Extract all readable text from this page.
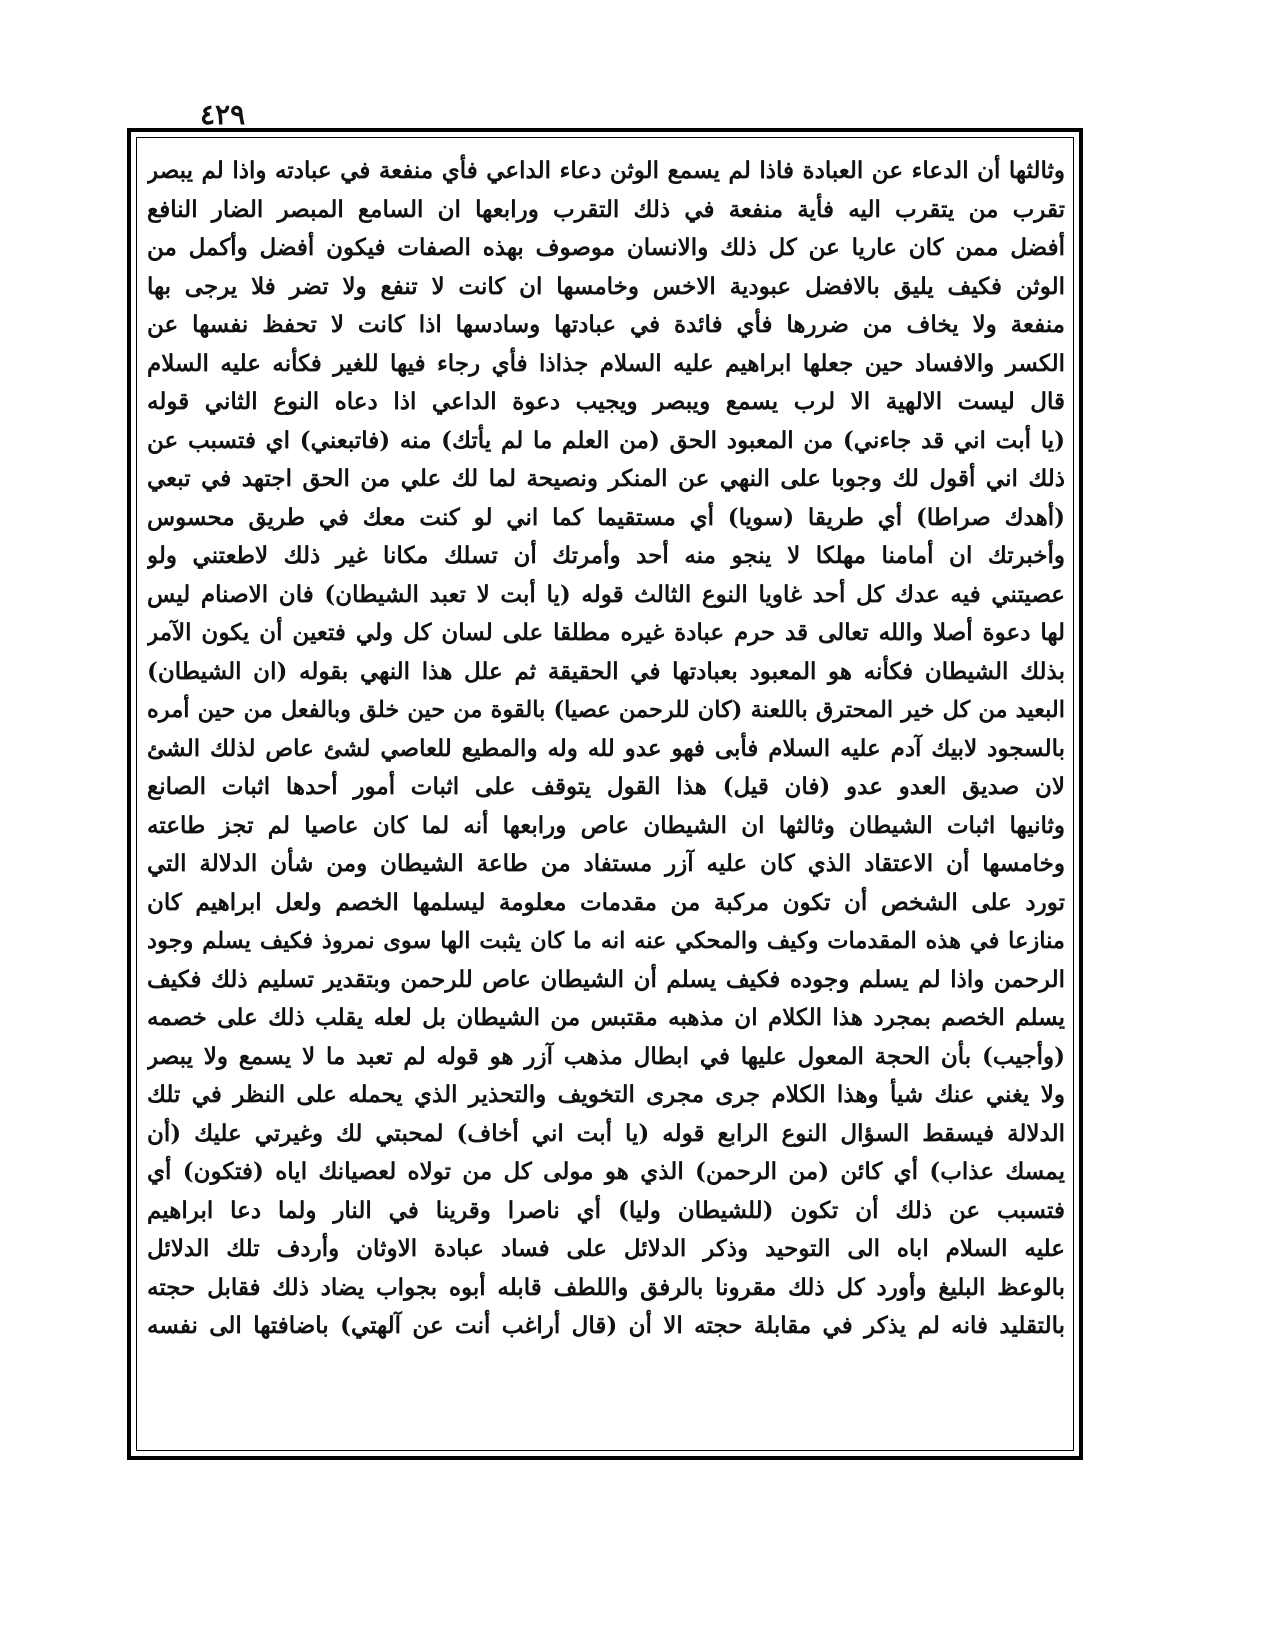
٤٢٩
وثالثها أن الدعاء عن العبادة فاذا لم يسمع الوثن دعاء الداعي فأي منفعة في عبادته واذا لم يبصر
تقرب من يتقرب اليه فأية منفعة في ذلك التقرب ورابعها ان السامع المبصر الضار النافع
أفضل ممن كان عاريا عن كل ذلك والانسان موصوف بهذه الصفات فيكون أفضل وأكمل من
الوثن فكيف يليق بالافضل عبودية الاخس وخامسها ان كانت لا تنفع ولا تضر فلا يرجى بها
منفعة ولا يخاف من ضررها فأي فائدة في عبادتها وسادسها اذا كانت لا تحفظ نفسها عن
الكسر والافساد حين جعلها ابراهيم عليه السلام جذاذا فأي رجاء فيها للغير فكأنه عليه السلام
قال ليست الالهية الا لرب يسمع ويبصر ويجيب دعوة الداعي اذا دعاه النوع الثاني قوله
(يا أبت اني قد جاءني) من المعبود الحق (من العلم ما لم يأتك) منه (فاتبعني) اي فتسبب عن
ذلك اني أقول لك وجوبا على النهي عن المنكر ونصيحة لما لك علي من الحق اجتهد في تبعي
(أهدك صراطا) أي طريقا (سويا) أي مستقيما كما اني لو كنت معك في طريق محسوس
وأخبرتك ان أمامنا مهلكا لا ينجو منه أحد وأمرتك أن تسلك مكانا غير ذلك لاطعتني ولو
عصيتني فيه عدك كل أحد غاويا النوع الثالث قوله (يا أبت لا تعبد الشيطان) فان الاصنام ليس
لها دعوة أصلا والله تعالى قد حرم عبادة غيره مطلقا على لسان كل ولي فتعين أن يكون الآمر
بذلك الشيطان فكأنه هو المعبود بعبادتها في الحقيقة ثم علل هذا النهي بقوله (ان الشيطان)
البعيد من كل خير المحترق باللعنة (كان للرحمن عصيا) بالقوة من حين خلق وبالفعل من حين أمره
بالسجود لابيك آدم عليه السلام فأبى فهو عدو لله وله والمطيع للعاصي لشئ عاص لذلك الشئ
لان صديق العدو عدو (فان قيل) هذا القول يتوقف على اثبات أمور أحدها اثبات الصانع
وثانيها اثبات الشيطان وثالثها ان الشيطان عاص ورابعها أنه لما كان عاصيا لم تجز طاعته
وخامسها أن الاعتقاد الذي كان عليه آزر مستفاد من طاعة الشيطان ومن شأن الدلالة التي
تورد على الشخص أن تكون مركبة من مقدمات معلومة ليسلمها الخصم ولعل ابراهيم كان
منازعا في هذه المقدمات وكيف والمحكي عنه انه ما كان يثبت الها سوى نمروذ فكيف يسلم وجود
الرحمن واذا لم يسلم وجوده فكيف يسلم أن الشيطان عاص للرحمن وبتقدير تسليم ذلك فكيف
يسلم الخصم بمجرد هذا الكلام ان مذهبه مقتبس من الشيطان بل لعله يقلب ذلك على خصمه
(وأجيب) بأن الحجة المعول عليها في ابطال مذهب آزر هو قوله لم تعبد ما لا يسمع ولا يبصر
ولا يغني عنك شيأ وهذا الكلام جرى مجرى التخويف والتحذير الذي يحمله على النظر في تلك
الدلالة فيسقط السؤال النوع الرابع قوله (يا أبت اني أخاف) لمحبتي لك وغيرتي عليك (أن
يمسك عذاب) أي كائن (من الرحمن) الذي هو مولى كل من تولاه لعصيانك اياه (فتكون) أي
فتسبب عن ذلك أن تكون (للشيطان وليا) أي ناصرا وقرينا في النار ولما دعا ابراهيم
عليه السلام اباه الى التوحيد وذكر الدلائل على فساد عبادة الاوثان وأردف تلك الدلائل
بالوعظ البليغ وأورد كل ذلك مقرونا بالرفق واللطف قابله أبوه بجواب يضاد ذلك فقابل حجته
بالتقليد فانه لم يذكر في مقابلة حجته الا أن (قال أراغب أنت عن آلهتي) باضافتها الى نفسه
